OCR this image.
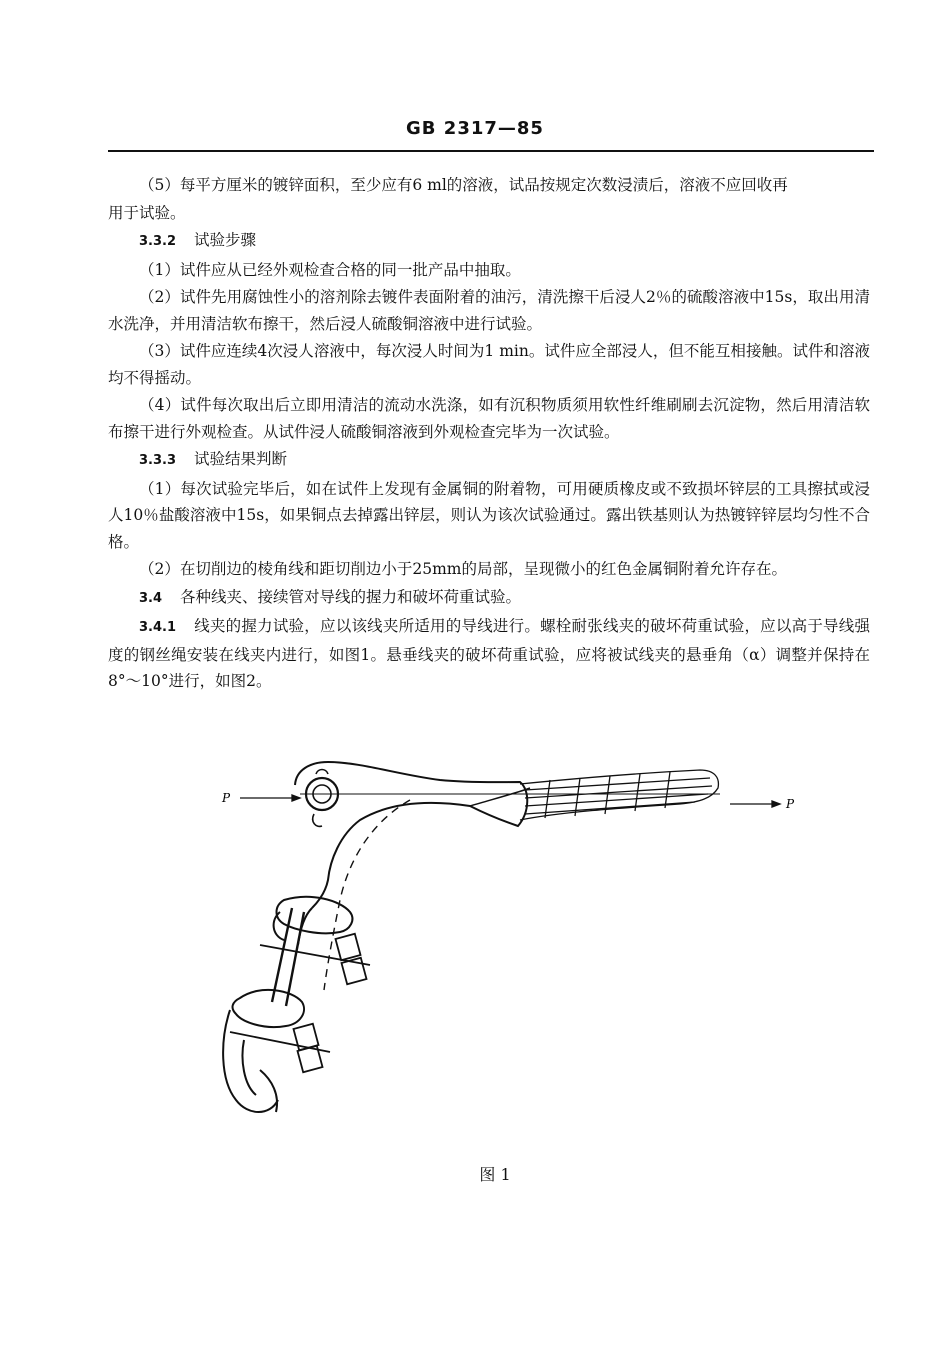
GB 2317—85

（5）每平方厘米的镀锌面积，至少应有6 ml的溶液，试品按规定次数浸渍后，溶液不应回收再

用于试验。

3.3.2 试验步骤

（1）试件应从已经外观检查合格的同一批产品中抽取。

（2）试件先用腐蚀性小的溶剂除去镀件表面附着的油污，清洗擦干后浸人2％的硫酸溶液中15s，取出用清水洗净，并用清洁软布擦干，然后浸人硫酸铜溶液中进行试验。

（3）试件应连续4次浸人溶液中，每次浸人时间为1 min。试件应全部浸人，但不能互相接触。试件和溶液均不得摇动。

（4）试件每次取出后立即用清洁的流动水洗涤，如有沉积物质须用软性纤维刷刷去沉淀物，然后用清洁软布擦干进行外观检查。从试件浸人硫酸铜溶液到外观检查完毕为一次试验。

3.3.3 试验结果判断

（1）每次试验完毕后，如在试件上发现有金属铜的附着物，可用硬质橡皮或不致损坏锌层的工具擦拭或浸人10％盐酸溶液中15s，如果铜点去掉露出锌层，则认为该次试验通过。露出铁基则认为热镀锌锌层均匀性不合格。

（2）在切削边的棱角线和距切削边小于25mm的局部，呈现微小的红色金属铜附着允许存在。

3.4 各种线夹、接续管对导线的握力和破坏荷重试验。

3.4.1 线夹的握力试验，应以该线夹所适用的导线进行。螺栓耐张线夹的破坏荷重试验，应以高于导线强度的钢丝绳安装在线夹内进行，如图1。悬垂线夹的破坏荷重试验，应将被试线夹的悬垂角（α）调整并保持在8°～10°进行，如图2。

P	P
图 1
